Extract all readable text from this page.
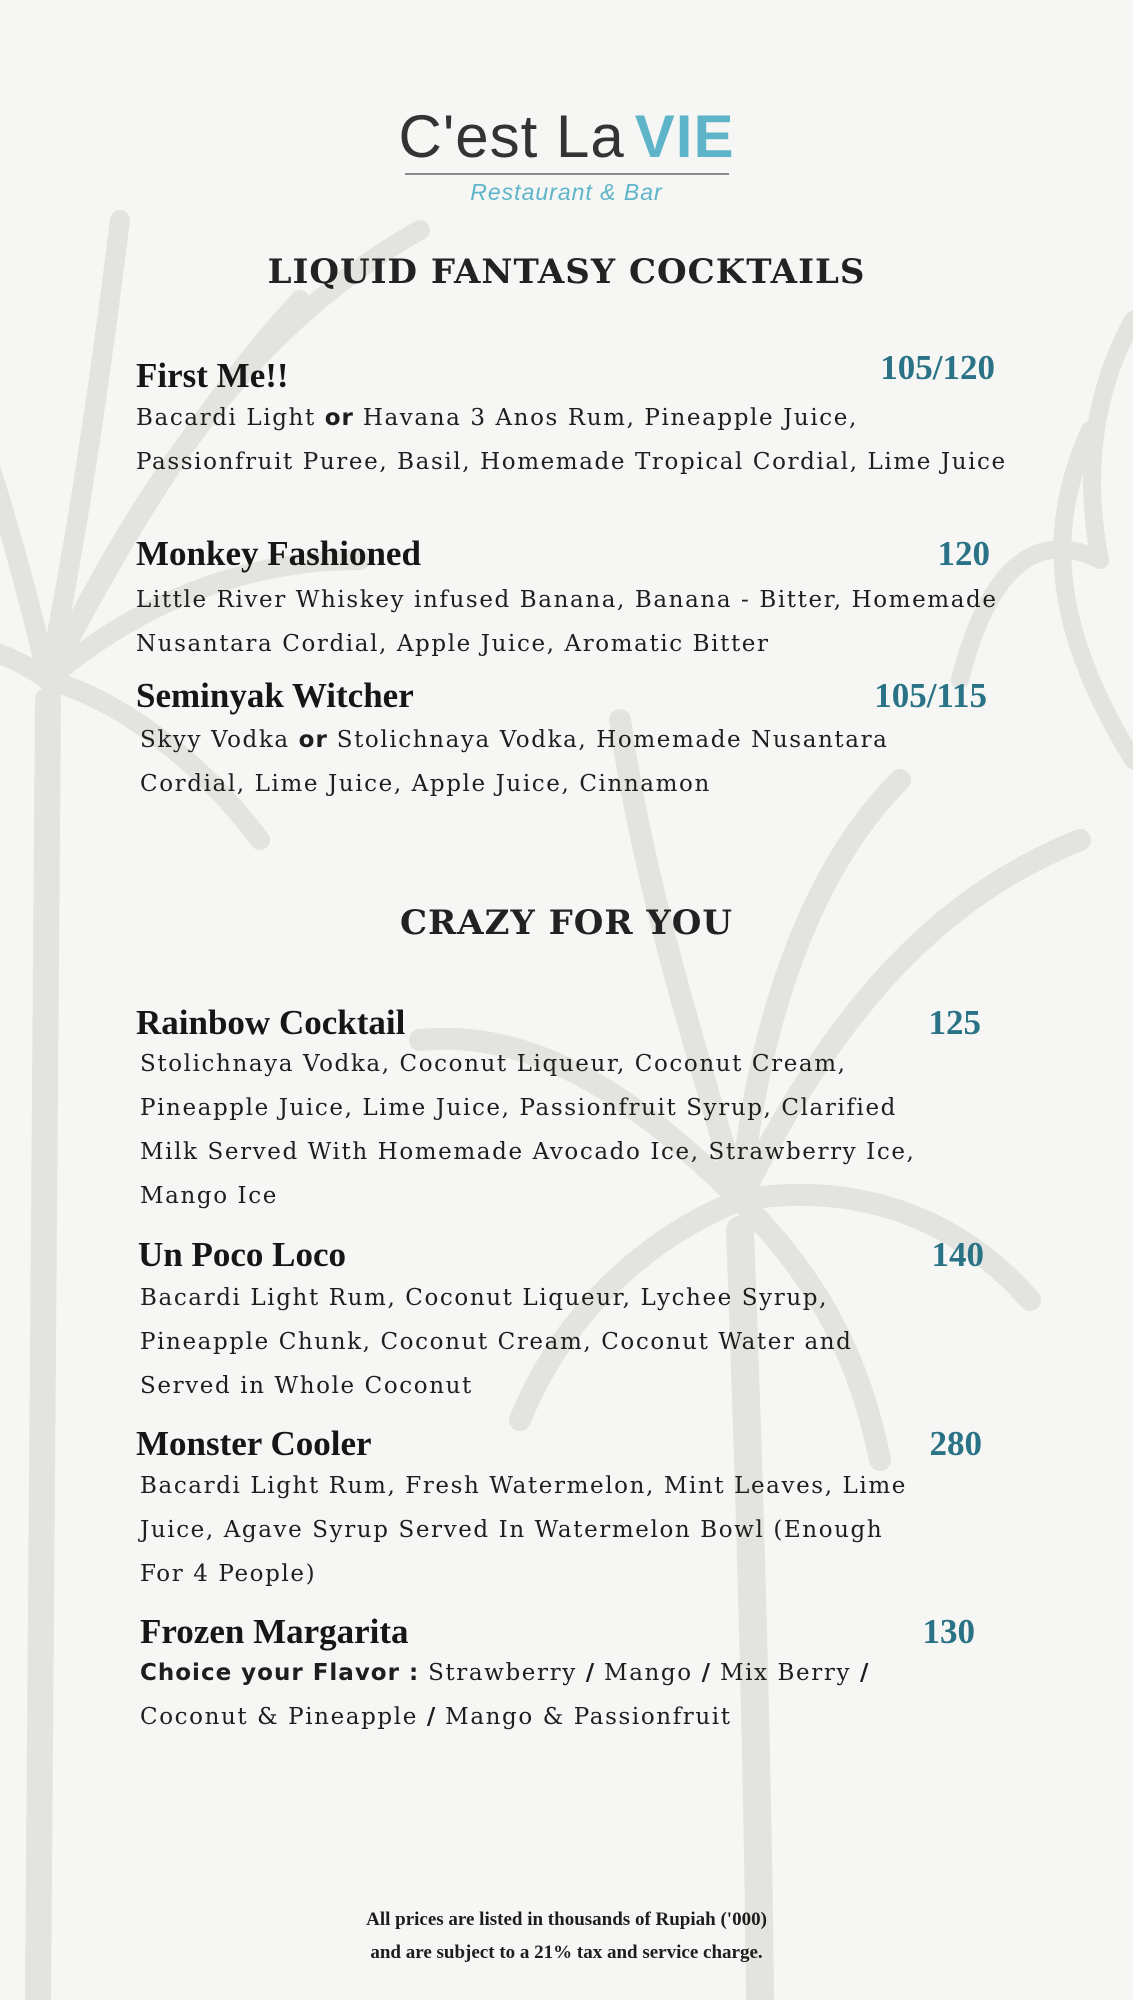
C'est La VIE
Restaurant & Bar
LIQUID FANTASY COCKTAILS
First Me!!	105/120
Bacardi Light or Havana 3 Anos Rum, Pineapple Juice, Passionfruit Puree, Basil, Homemade Tropical Cordial, Lime Juice
Monkey Fashioned	120
Little River Whiskey infused Banana, Banana - Bitter, Homemade Nusantara Cordial, Apple Juice, Aromatic Bitter
Seminyak Witcher	105/115
Skyy Vodka or Stolichnaya Vodka, Homemade Nusantara Cordial, Lime Juice, Apple Juice, Cinnamon
CRAZY FOR YOU
Rainbow Cocktail	125
Stolichnaya Vodka, Coconut Liqueur, Coconut Cream, Pineapple Juice, Lime Juice, Passionfruit Syrup, Clarified Milk Served With Homemade Avocado Ice, Strawberry Ice, Mango Ice
Un Poco Loco	140
Bacardi Light Rum, Coconut Liqueur, Lychee Syrup, Pineapple Chunk, Coconut Cream, Coconut Water and Served in Whole Coconut
Monster Cooler	280
Bacardi Light Rum, Fresh Watermelon, Mint Leaves, Lime Juice, Agave Syrup Served In Watermelon Bowl (Enough For 4 People)
Frozen Margarita	130
Choice your Flavor : Strawberry / Mango / Mix Berry / Coconut & Pineapple / Mango & Passionfruit
All prices are listed in thousands of Rupiah ('000)
and are subject to a 21% tax and service charge.
